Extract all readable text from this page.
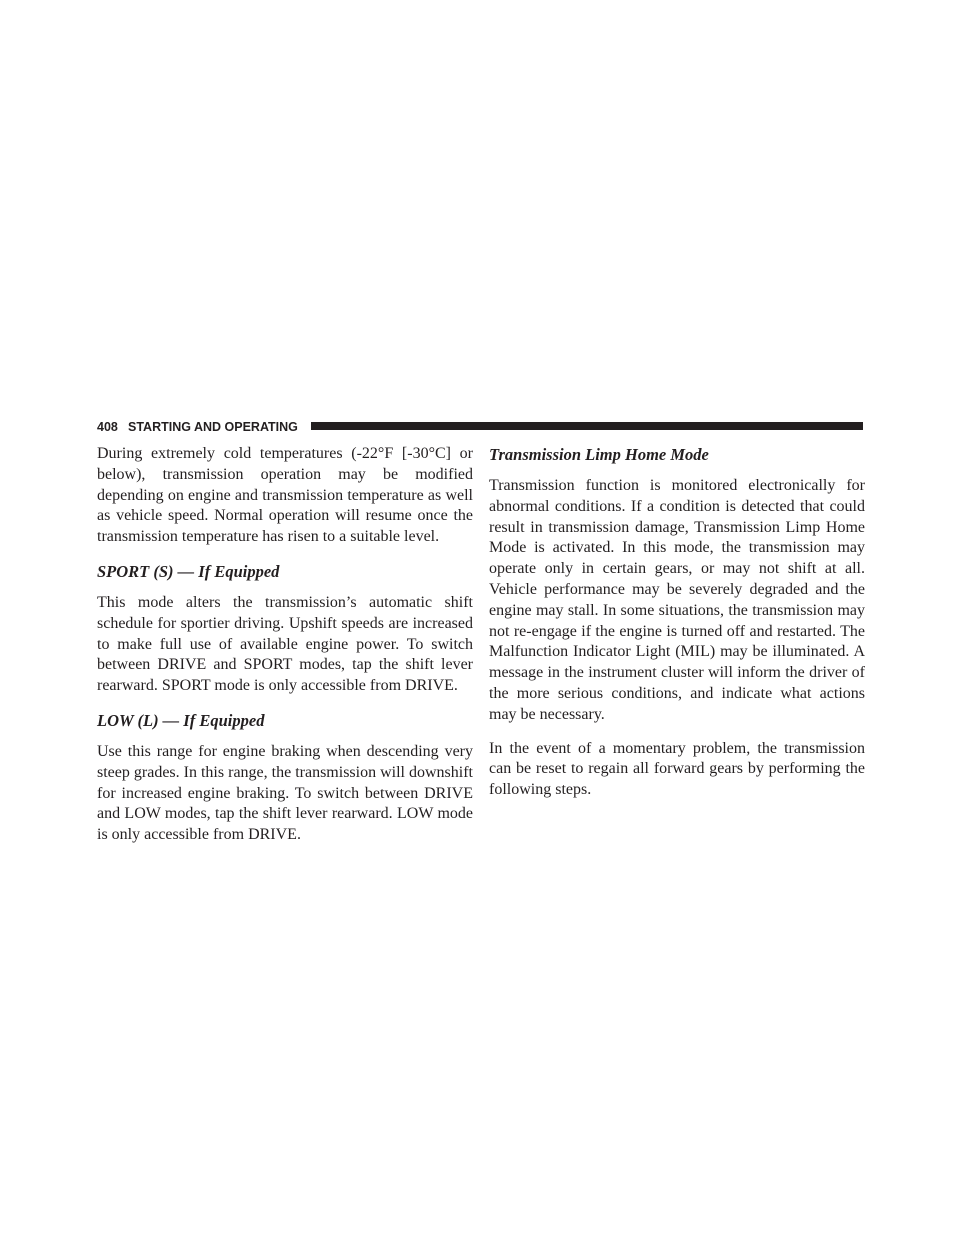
408 STARTING AND OPERATING

During extremely cold temperatures (-22°F [-30°C] or below), transmission operation may be modified depending on engine and transmission temperature as well as vehicle speed. Normal operation will resume once the transmission temperature has risen to a suitable level.

SPORT (S) — If Equipped

This mode alters the transmission’s automatic shift schedule for sportier driving. Upshift speeds are increased to make full use of available engine power. To switch between DRIVE and SPORT modes, tap the shift lever rearward. SPORT mode is only accessible from DRIVE.

LOW (L) — If Equipped

Use this range for engine braking when descending very steep grades. In this range, the transmission will downshift for increased engine braking. To switch between DRIVE and LOW modes, tap the shift lever rearward. LOW mode is only accessible from DRIVE.

Transmission Limp Home Mode

Transmission function is monitored electronically for abnormal conditions. If a condition is detected that could result in transmission damage, Transmission Limp Home Mode is activated. In this mode, the transmission may operate only in certain gears, or may not shift at all. Vehicle performance may be severely degraded and the engine may stall. In some situations, the transmission may not re-engage if the engine is turned off and restarted. The Malfunction Indicator Light (MIL) may be illuminated. A message in the instrument cluster will inform the driver of the more serious conditions, and indicate what actions may be necessary.

In the event of a momentary problem, the transmission can be reset to regain all forward gears by performing the following steps.
